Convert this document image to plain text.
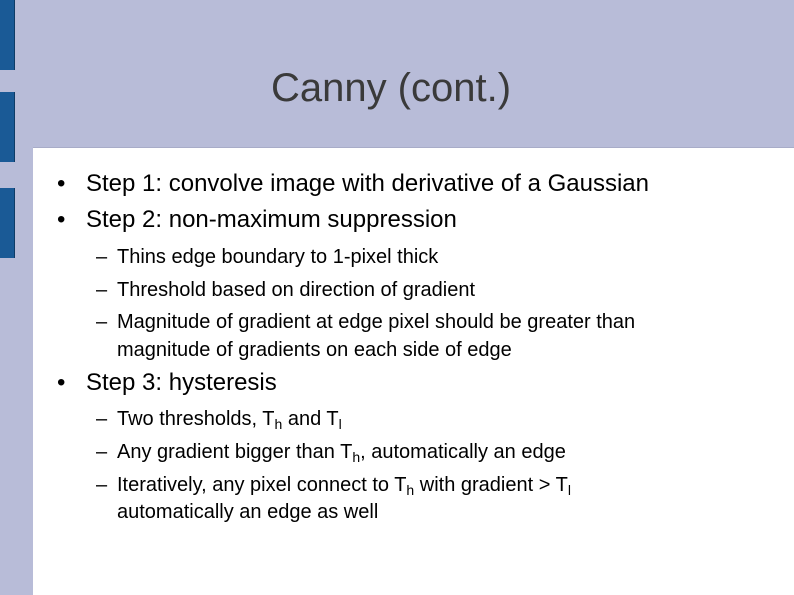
Canny (cont.)
• Step 1: convolve image with derivative of a Gaussian
• Step 2: non-maximum suppression
– Thins edge boundary to 1-pixel thick
– Threshold based on direction of gradient
– Magnitude of gradient at edge pixel should be greater than
magnitude of gradients on each side of edge
• Step 3: hysteresis
– Two thresholds, $T_h$ and $T_l$
– Any gradient bigger than $T_h$, automatically an edge
– Iteratively, any pixel connect to $T_h$ with gradient > $T_l$
automatically an edge as well
